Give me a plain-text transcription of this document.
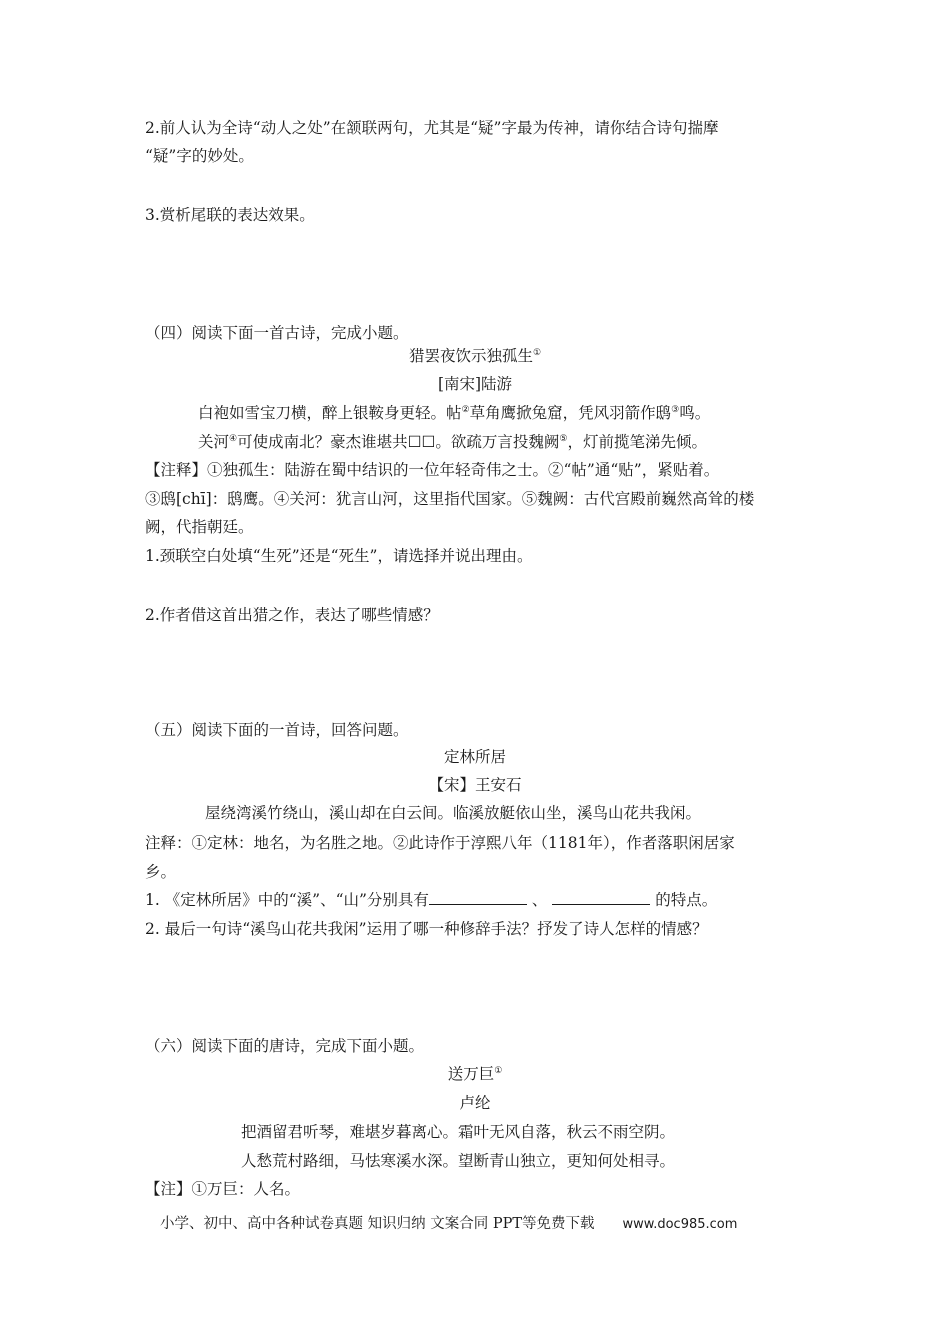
2.前人认为全诗“动人之处”在颔联两句，尤其是“疑”字最为传神，请你结合诗句揣摩
“疑”字的妙处。
3.赏析尾联的表达效果。
（四）阅读下面一首古诗，完成小题。
猎罢夜饮示独孤生①
[南宋]陆游
白袍如雪宝刀横，醉上银鞍身更轻。帖②草角鹰掀兔窟，凭风羽箭作鸱③鸣。
关河④可使成南北？豪杰谁堪共☐☐。欲疏万言投魏阙⑤，灯前揽笔涕先倾。
【注释】①独孤生：陆游在蜀中结识的一位年轻奇伟之士。②“帖”通“贴”，紧贴着。
③鸱[chī]：鸱鹰。④关河：犹言山河，这里指代国家。⑤魏阙：古代宫殿前巍然高耸的楼
阙，代指朝廷。
1.颈联空白处填“生死”还是“死生”，请选择并说出理由。
2.作者借这首出猎之作，表达了哪些情感？
（五）阅读下面的一首诗，回答问题。
定林所居
【宋】王安石
屋绕湾溪竹绕山，溪山却在白云间。临溪放艇依山坐，溪鸟山花共我闲。
注释：①定林：地名，为名胜之地。②此诗作于淳熙八年（1181年），作者落职闲居家
乡。
1. 《定林所居》中的“溪”、“山”分别具有	、	的特点。
2. 最后一句诗“溪鸟山花共我闲”运用了哪一种修辞手法？抒发了诗人怎样的情感？
（六）阅读下面的唐诗，完成下面小题。
送万巨①
卢纶
把酒留君听琴，难堪岁暮离心。霜叶无风自落，秋云不雨空阴。
人愁荒村路细，马怯寒溪水深。望断青山独立，更知何处相寻。
【注】①万巨：人名。
小学、初中、高中各种试卷真题 知识归纳 文案合同 PPT等免费下载 www.doc985.com
